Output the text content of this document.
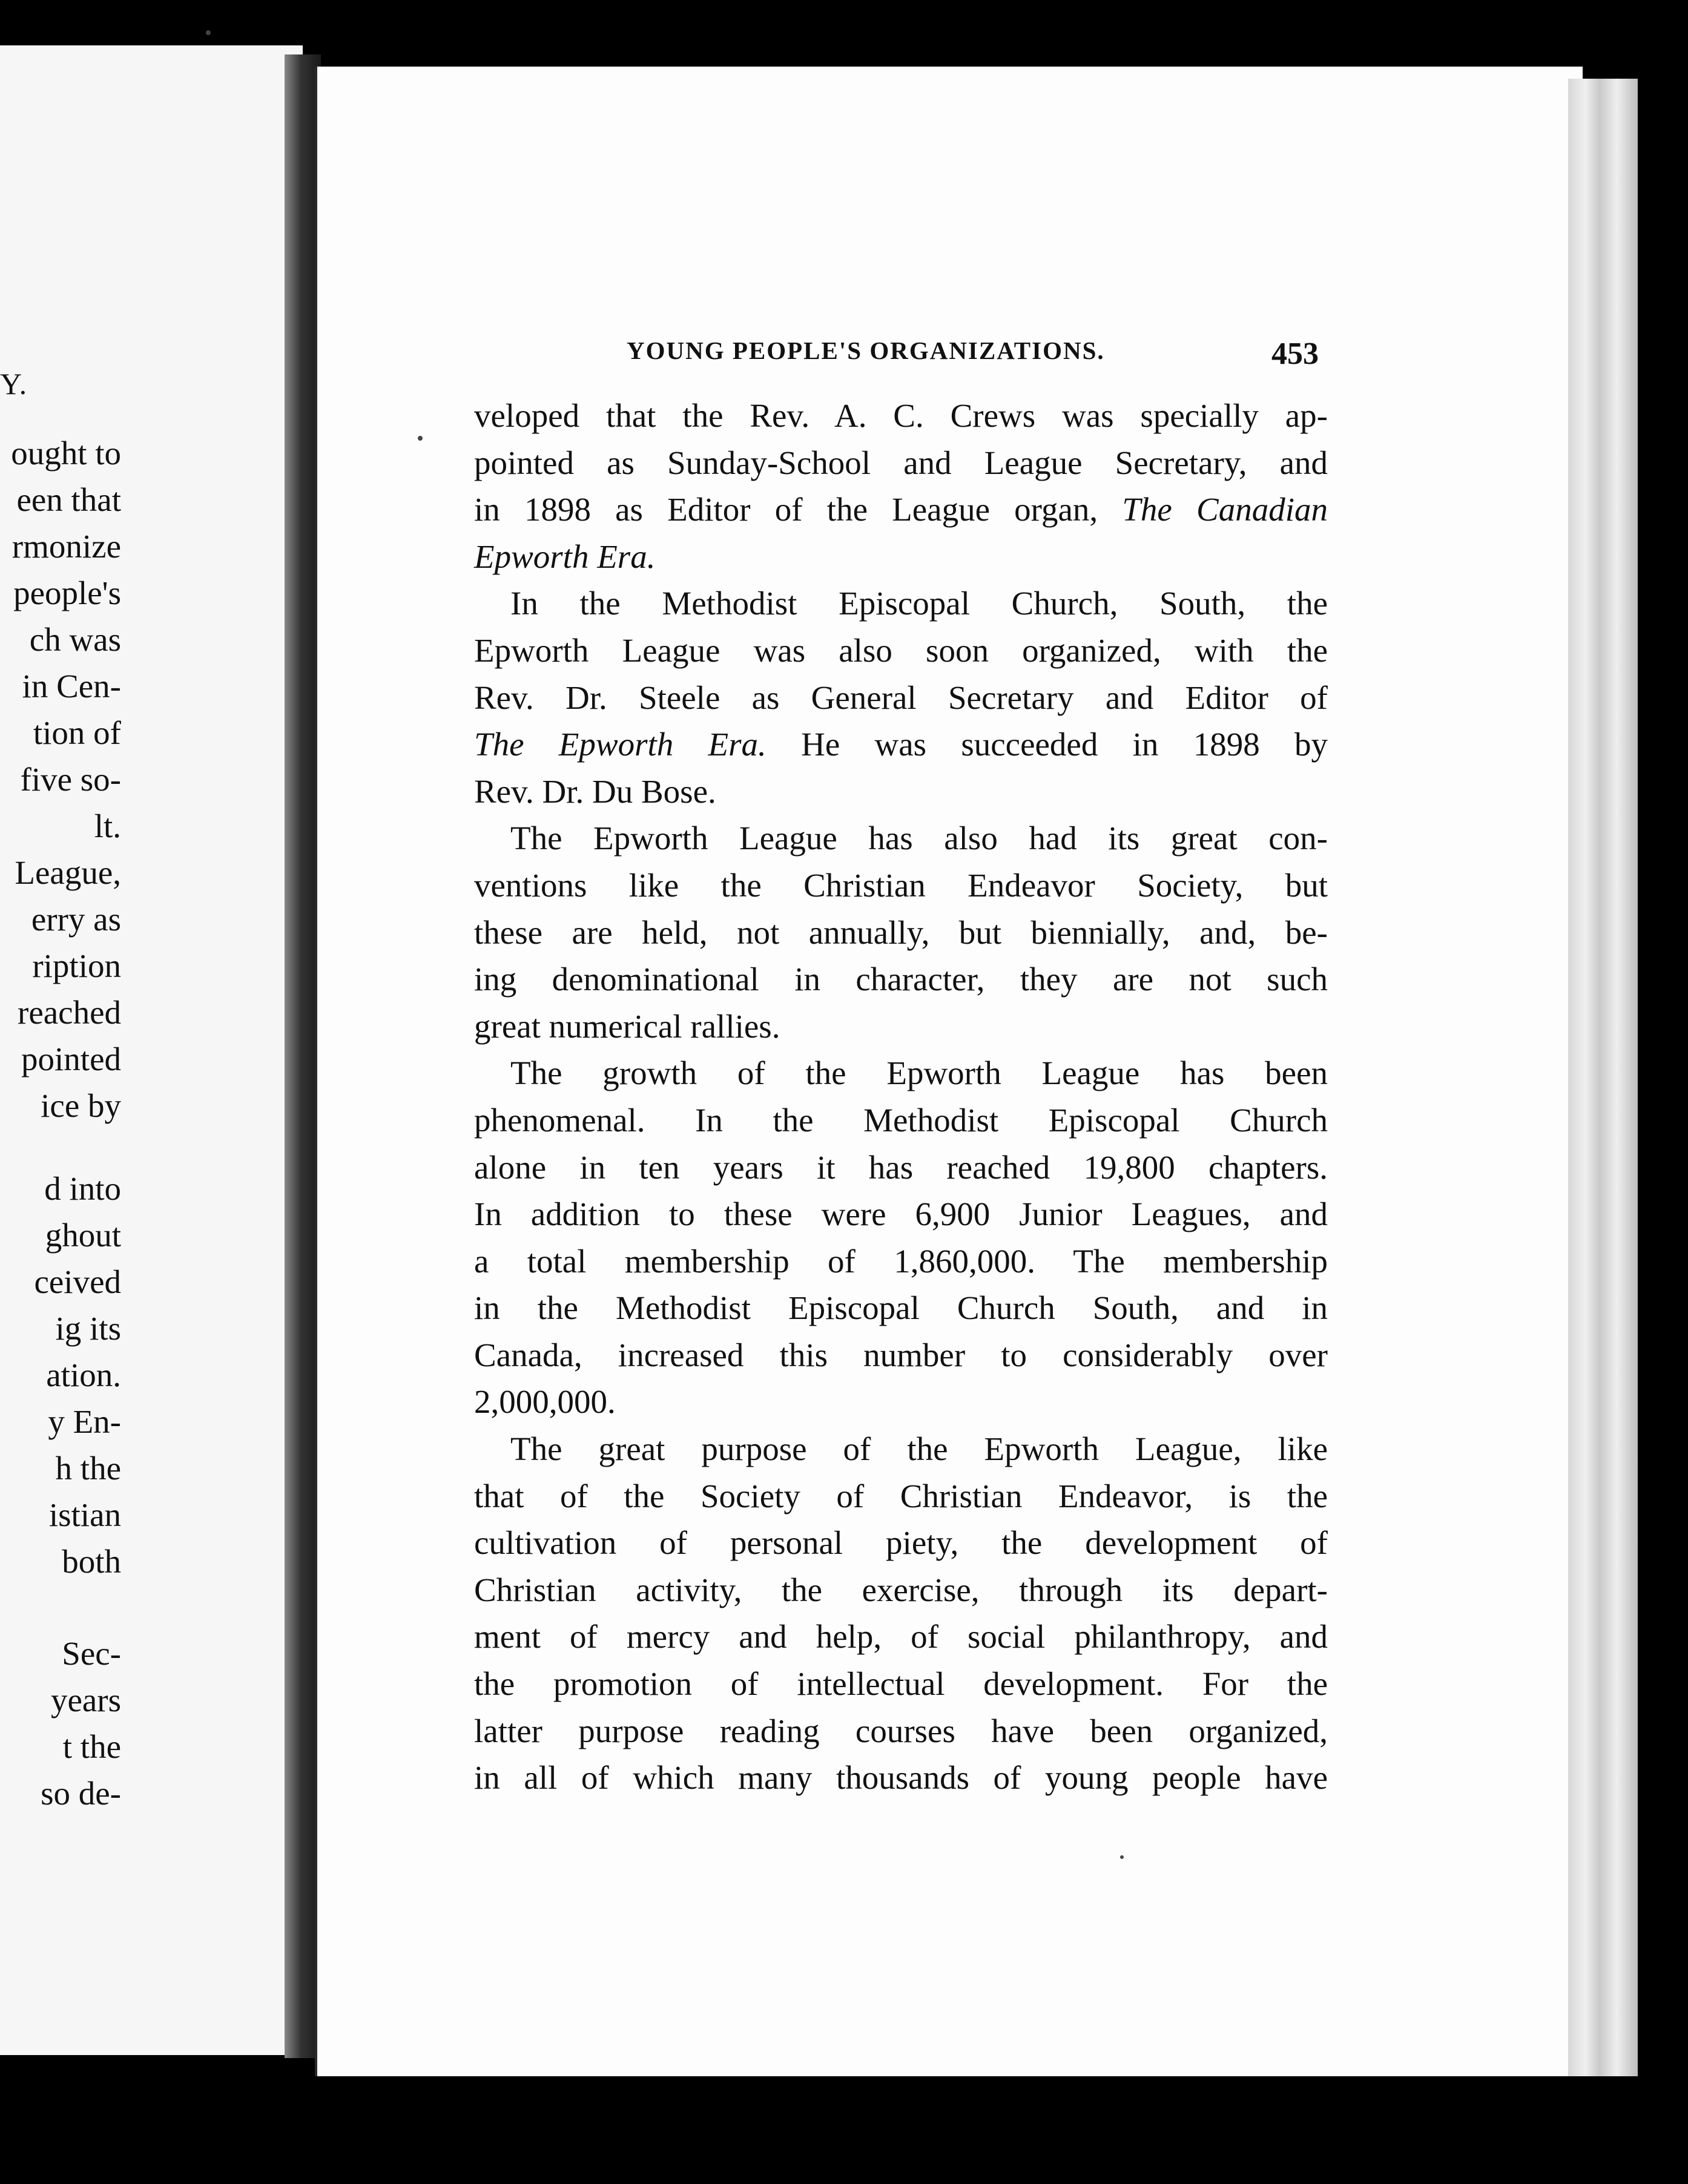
Y.
ought to
een that
rmonize
people's
ch was
in Cen-
tion of
five so-
lt.
League,
erry as
ription
reached
pointed
ice by
d into
ghout
ceived
ig its
ation.
y En-
h the
istian
both
Sec-
years
t the
so de-
YOUNG PEOPLE'S ORGANIZATIONS.	453
veloped that the Rev. A. C. Crews was specially ap-
pointed as Sunday-School and League Secretary, and
in 1898 as Editor of the League organ, The Canadian
Epworth Era.
In the Methodist Episcopal Church, South, the
Epworth League was also soon organized, with the
Rev. Dr. Steele as General Secretary and Editor of
The Epworth Era. He was succeeded in 1898 by
Rev. Dr. Du Bose.
The Epworth League has also had its great con-
ventions like the Christian Endeavor Society, but
these are held, not annually, but biennially, and, be-
ing denominational in character, they are not such
great numerical rallies.
The growth of the Epworth League has been
phenomenal. In the Methodist Episcopal Church
alone in ten years it has reached 19,800 chapters.
In addition to these were 6,900 Junior Leagues, and
a total membership of 1,860,000. The membership
in the Methodist Episcopal Church South, and in
Canada, increased this number to considerably over
2,000,000.
The great purpose of the Epworth League, like
that of the Society of Christian Endeavor, is the
cultivation of personal piety, the development of
Christian activity, the exercise, through its depart-
ment of mercy and help, of social philanthropy, and
the promotion of intellectual development. For the
latter purpose reading courses have been organized,
in all of which many thousands of young people have
